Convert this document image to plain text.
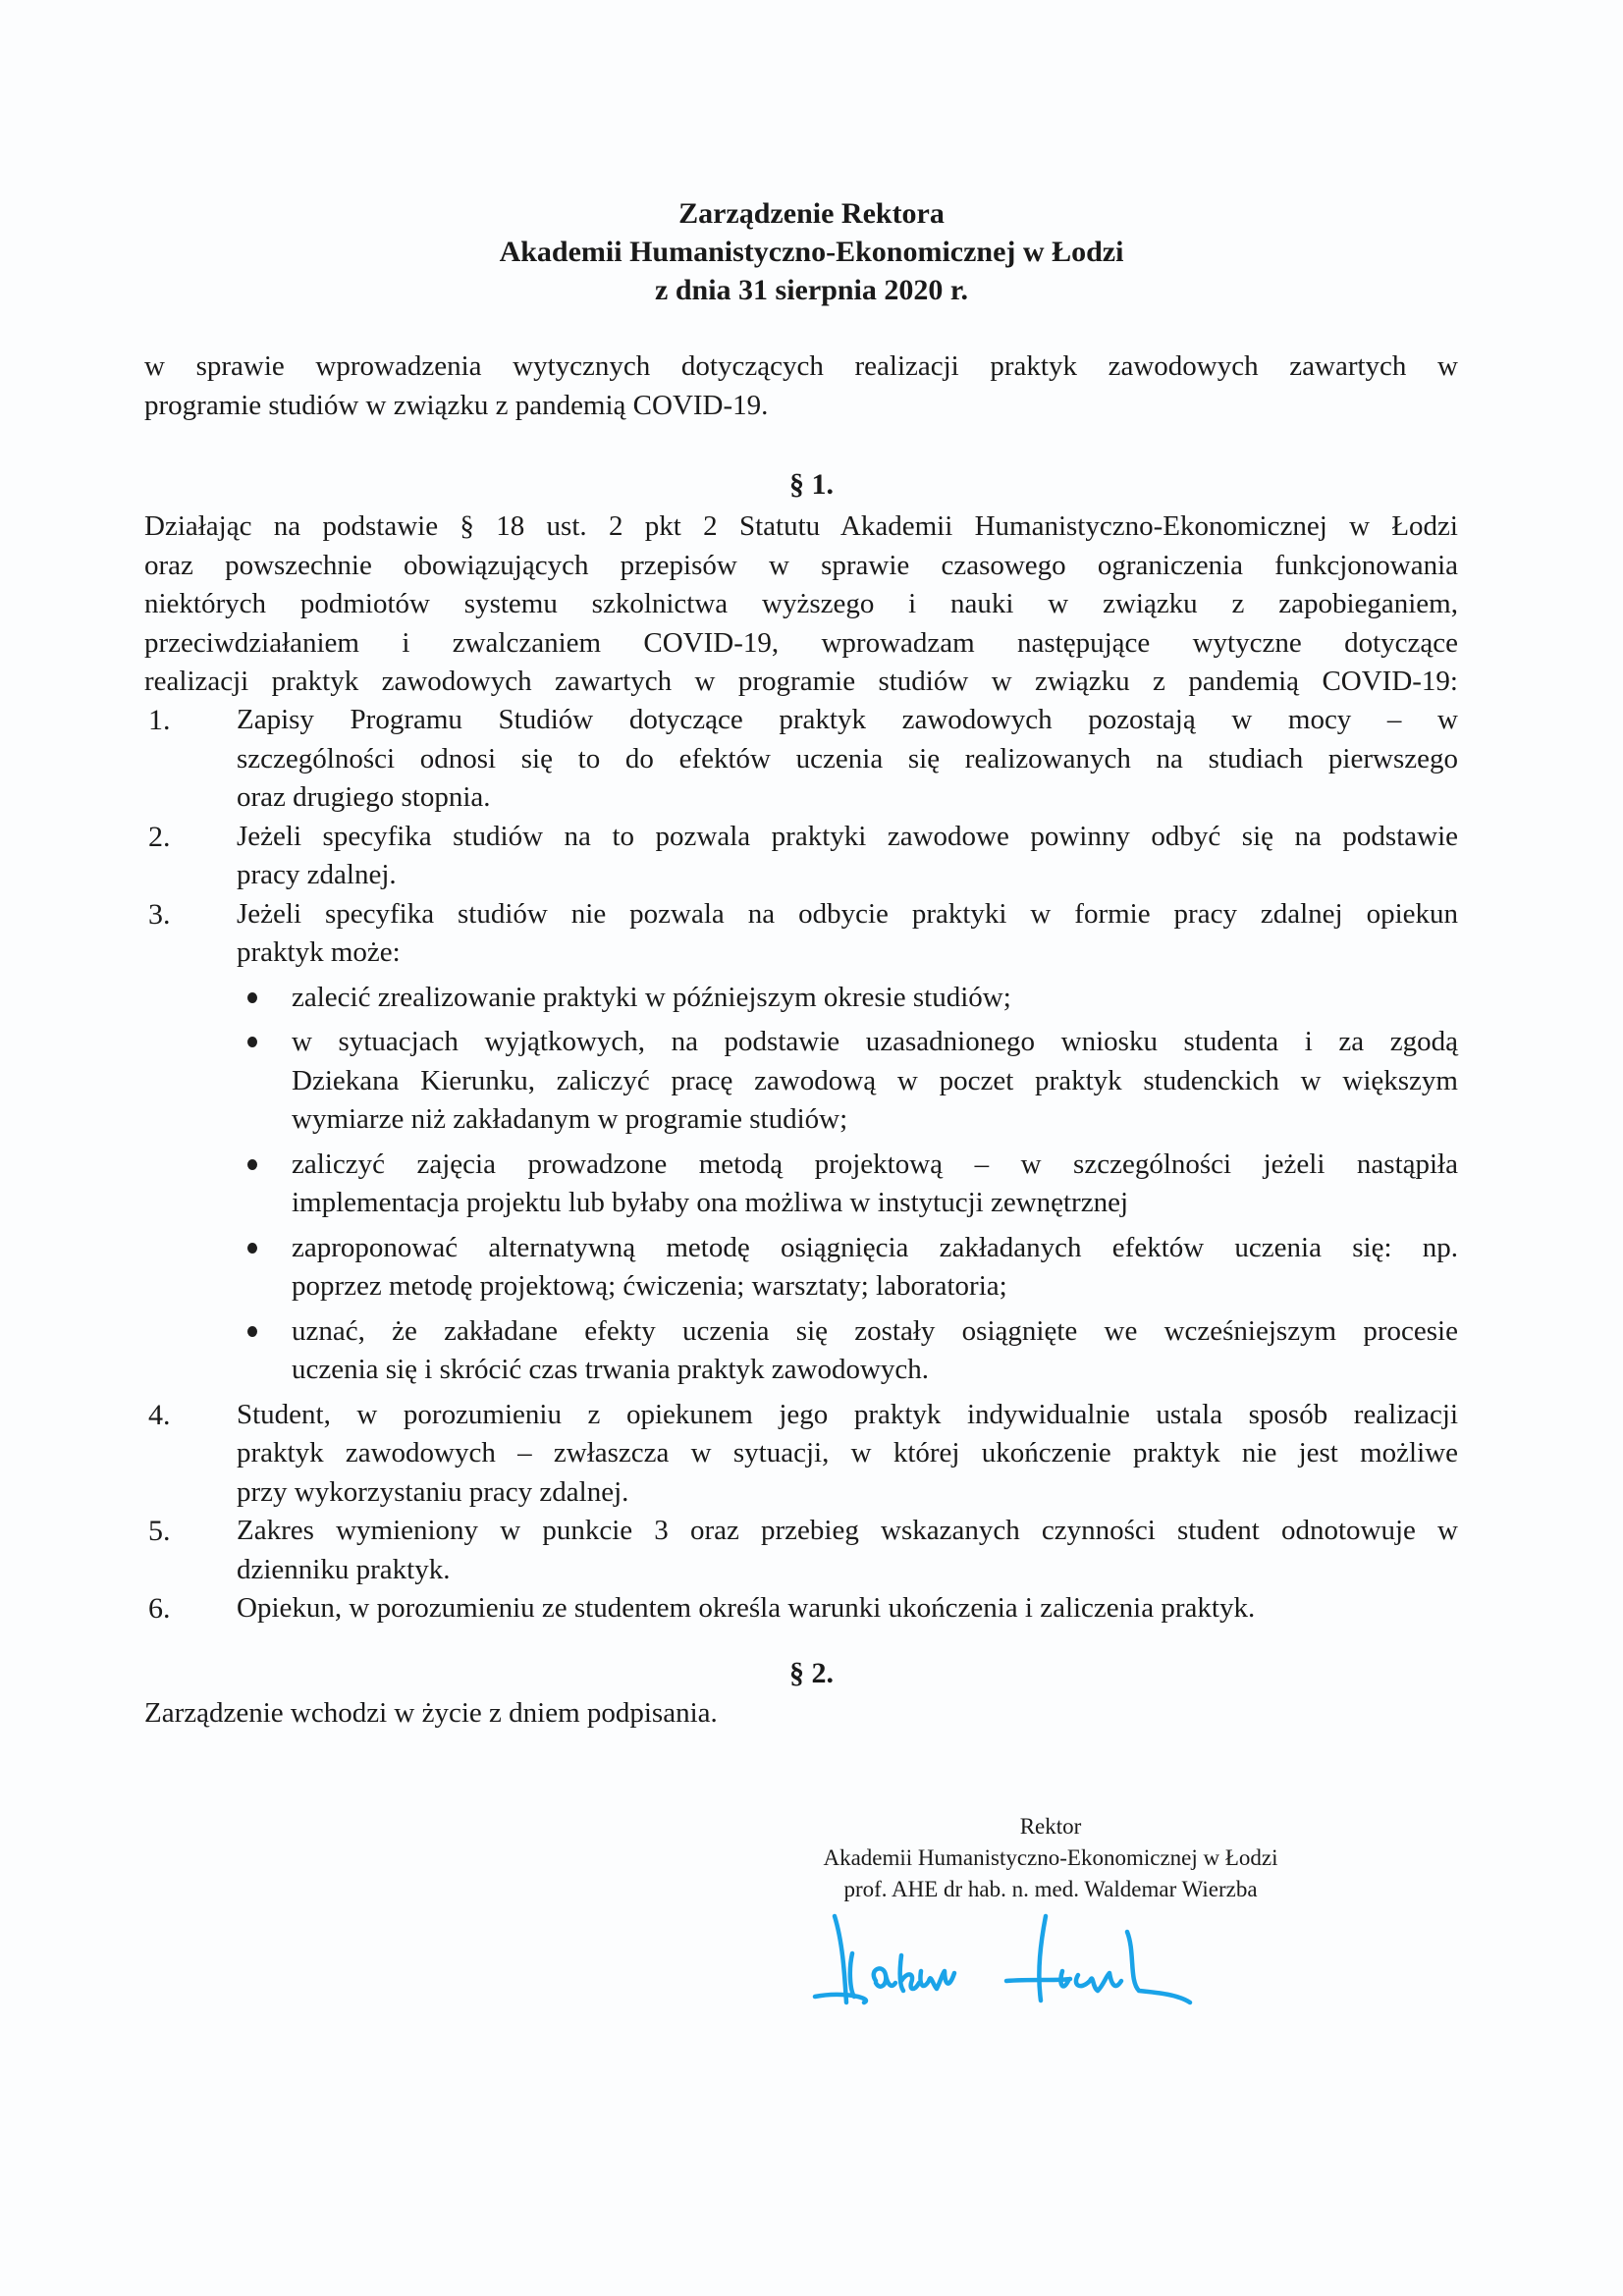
Zarządzenie Rektora
Akademii Humanistyczno-Ekonomicznej w Łodzi
z dnia 31 sierpnia 2020 r.
w sprawie wprowadzenia wytycznych dotyczących realizacji praktyk zawodowych zawartych w
programie studiów w związku z pandemią COVID-19.
§ 1.
Działając na podstawie § 18 ust. 2 pkt 2 Statutu Akademii Humanistyczno-Ekonomicznej w Łodzi
oraz powszechnie obowiązujących przepisów w sprawie czasowego ograniczenia funkcjonowania
niektórych podmiotów systemu szkolnictwa wyższego i nauki w związku z zapobieganiem,
przeciwdziałaniem i zwalczaniem COVID-19, wprowadzam następujące wytyczne dotyczące
realizacji praktyk zawodowych zawartych w programie studiów w związku z pandemią COVID-19:
1. Zapisy Programu Studiów dotyczące praktyk zawodowych pozostają w mocy – w
szczególności odnosi się to do efektów uczenia się realizowanych na studiach pierwszego
oraz drugiego stopnia.
2. Jeżeli specyfika studiów na to pozwala praktyki zawodowe powinny odbyć się na podstawie
pracy zdalnej.
3. Jeżeli specyfika studiów nie pozwala na odbycie praktyki w formie pracy zdalnej opiekun
praktyk może:
zalecić zrealizowanie praktyki w późniejszym okresie studiów;
w sytuacjach wyjątkowych, na podstawie uzasadnionego wniosku studenta i za zgodą
Dziekana Kierunku, zaliczyć pracę zawodową w poczet praktyk studenckich w większym
wymiarze niż zakładanym w programie studiów;
zaliczyć zajęcia prowadzone metodą projektową – w szczególności jeżeli nastąpiła
implementacja projektu lub byłaby ona możliwa w instytucji zewnętrznej
zaproponować alternatywną metodę osiągnięcia zakładanych efektów uczenia się: np.
poprzez metodę projektową; ćwiczenia; warsztaty; laboratoria;
uznać, że zakładane efekty uczenia się zostały osiągnięte we wcześniejszym procesie
uczenia się i skrócić czas trwania praktyk zawodowych.
4. Student, w porozumieniu z opiekunem jego praktyk indywidualnie ustala sposób realizacji
praktyk zawodowych – zwłaszcza w sytuacji, w której ukończenie praktyk nie jest możliwe
przy wykorzystaniu pracy zdalnej.
5. Zakres wymieniony w punkcie 3 oraz przebieg wskazanych czynności student odnotowuje w
dzienniku praktyk.
6. Opiekun, w porozumieniu ze studentem określa warunki ukończenia i zaliczenia praktyk.
§ 2.
Zarządzenie wchodzi w życie z dniem podpisania.
Rektor
Akademii Humanistyczno-Ekonomicznej w Łodzi
prof. AHE dr hab. n. med. Waldemar Wierzba
